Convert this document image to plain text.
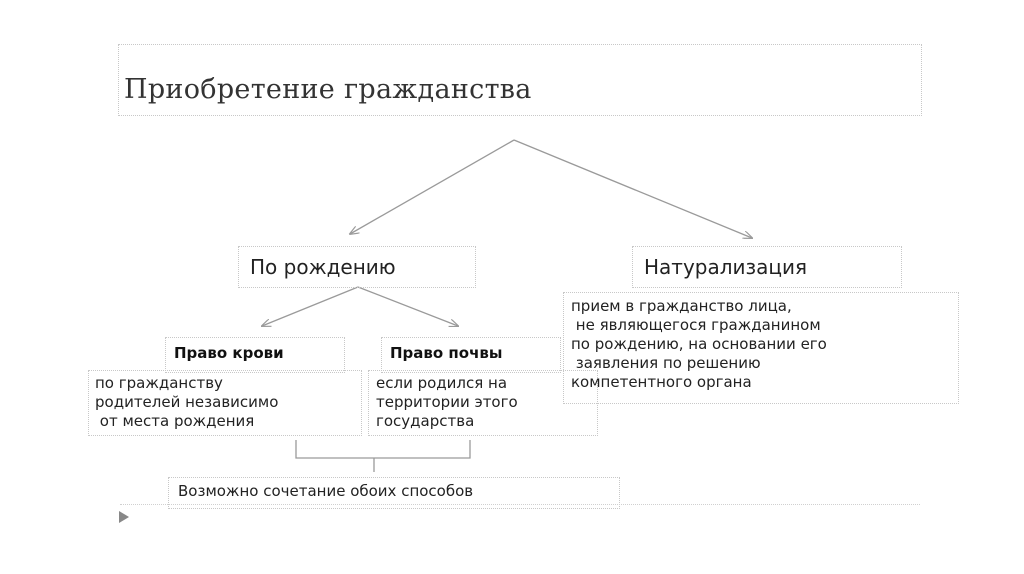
Приобретение гражданства
По рождению	Натурализация
Право крови	Право почвы
по гражданству
родителей независимо
от места рождения
если родился на
территории этого
государства
прием в гражданство лица,
не являющегося гражданином
по рождению, на основании его
заявления по решению
компетентного органа
Возможно сочетание обоих способов
